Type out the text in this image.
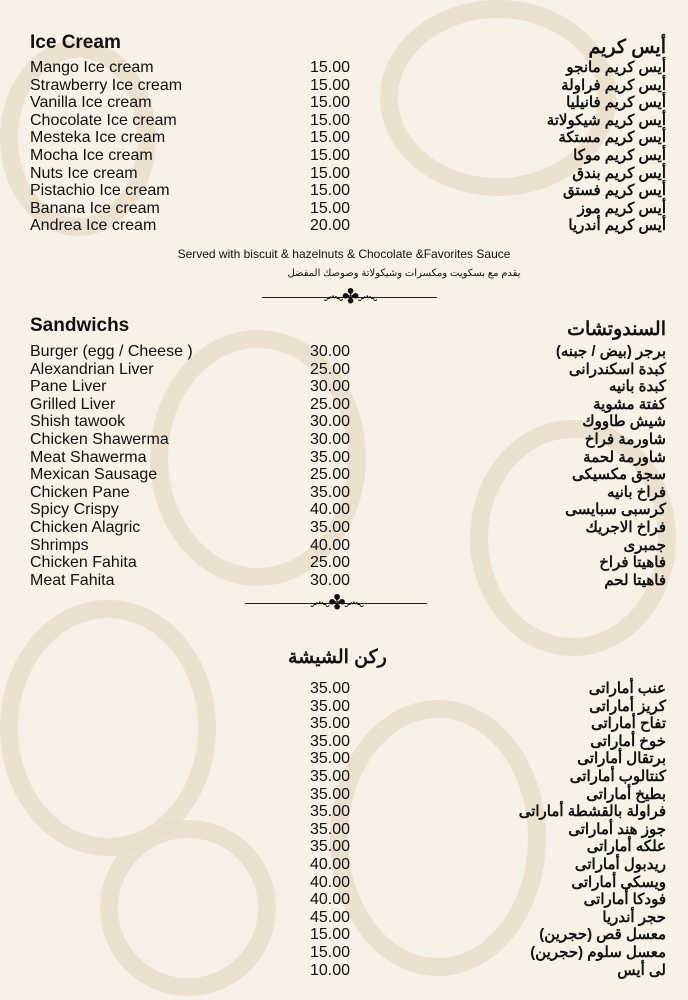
Ice Cream	أيس كريم
Mango Ice cream	15.00	أيس كريم مانجو
Strawberry Ice cream	15.00	أيس كريم فراولة
Vanilla Ice cream	15.00	أيس كريم فانيليا
Chocolate Ice cream	15.00	أيس كريم شيكولاتة
Mesteka Ice cream	15.00	أيس كريم مستكة
Mocha Ice cream	15.00	أيس كريم موكا
Nuts Ice cream	15.00	أيس كريم بندق
Pistachio Ice cream	15.00	أيس كريم فستق
Banana Ice cream	15.00	أيس كريم موز
Andrea Ice cream	20.00	أيس كريم أندريا
Served with biscuit & hazelnuts & Chocolate &Favorites Sauce
يقدم مع بسكويت ومكسرات وشيكولاتة وصوصك المفضل
෴✤෴
Sandwichs	السندوتشات
Burger (egg / Cheese )	30.00	برجر (بيض / جبنه)
Alexandrian Liver	25.00	كبدة اسكندرانى
Pane Liver	30.00	كبدة بانيه
Grilled Liver	25.00	كفتة مشوية
Shish tawook	30.00	شيش طاووك
Chicken Shawerma	30.00	شاورمة فراخ
Meat Shawerma	35.00	شاورمة لحمة
Mexican Sausage	25.00	سجق مكسيكى
Chicken Pane	35.00	فراخ بانيه
Spicy Crispy	40.00	كرسبى سبايسى
Chicken Alagric	35.00	فراخ الاجريك
Shrimps	40.00	جمبرى
Chicken Fahita	25.00	فاهيتا فراخ
Meat Fahita	30.00	فاهيتا لحم
෴✤෴
ركن الشيشة
35.00	عنب أماراتى
35.00	كريز أماراتى
35.00	تفاح أماراتى
35.00	خوخ أماراتى
35.00	برتقال أماراتى
35.00	كنتالوب أماراتى
35.00	بطيخ أماراتى
35.00	فراولة بالقشطة أماراتى
35.00	جوز هند أماراتى
35.00	علكه أماراتى
40.00	ريدبول أماراتى
40.00	ويسكى أماراتى
40.00	فودكا أماراتى
45.00	حجر أندريا
15.00	معسل قص (حجرين)
15.00	معسل سلوم (حجرين)
10.00	لى أيس
